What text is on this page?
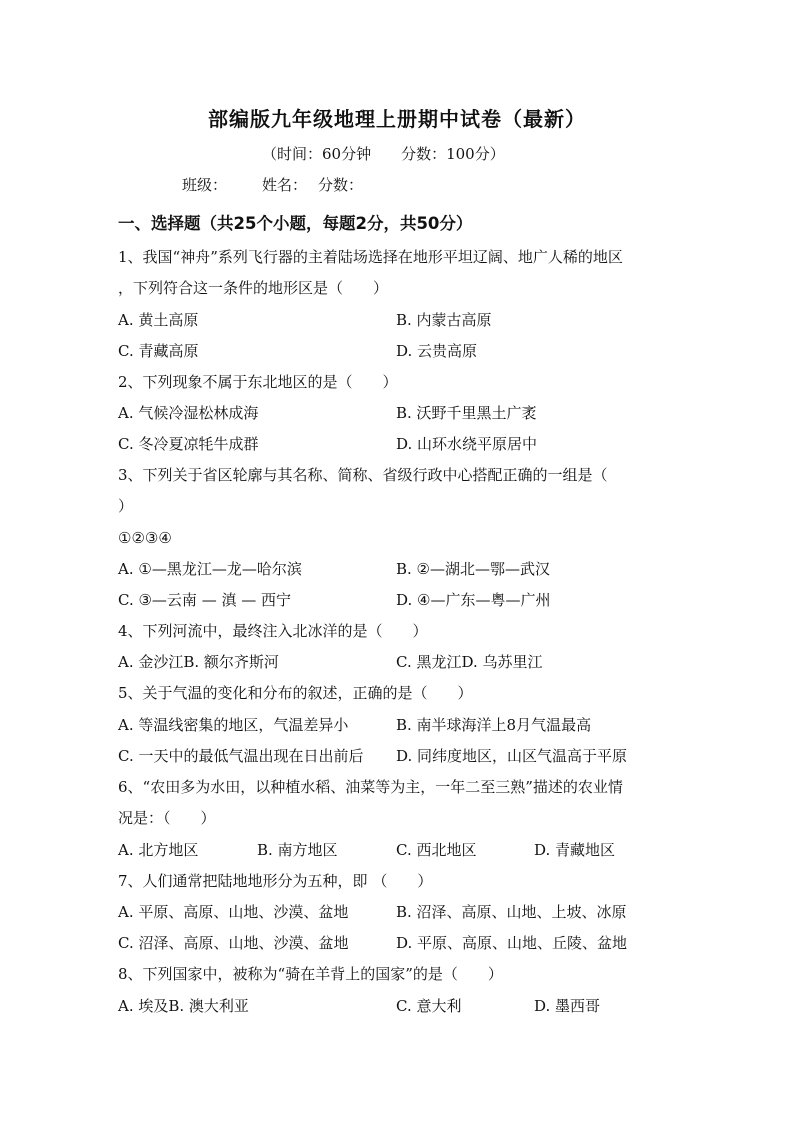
部编版九年级地理上册期中试卷（最新）
（时间：60分钟　　分数：100分）
班级： 姓名： 分数：
一、选择题（共25个小题，每题2分，共50分）
1、我国“神舟”系列飞行器的主着陆场选择在地形平坦辽阔、地广人稀的地区
，下列符合这一条件的地形区是（　　）
A. 黄土高原	B. 内蒙古高原
C. 青藏高原	D. 云贵高原
2、下列现象不属于东北地区的是（　　）
A. 气候冷湿松林成海	B. 沃野千里黑土广袤
C. 冬冷夏凉牦牛成群	D. 山环水绕平原居中
3、下列关于省区轮廓与其名称、简称、省级行政中心搭配正确的一组是（
）
①②③④
A. ①—黑龙江—龙—哈尔滨	B. ②—湖北—鄂—武汉
C. ③—云南 — 滇 — 西宁	D. ④—广东—粤—广州
4、下列河流中，最终注入北冰洋的是（　　）
A. 金沙江B. 额尔齐斯河	C. 黑龙江D. 乌苏里江
5、关于气温的变化和分布的叙述，正确的是（　　）
A. 等温线密集的地区，气温差异小	B. 南半球海洋上8月气温最高
C. 一天中的最低气温出现在日出前后 D. 同纬度地区，山区气温高于平原
6、“农田多为水田，以种植水稻、油菜等为主，一年二至三熟”描述的农业情
况是：（　　）
A. 北方地区	B. 南方地区	C. 西北地区	D. 青藏地区
7、人们通常把陆地地形分为五种，即 （　　）
A. 平原、高原、山地、沙漠、盆地	B. 沼泽、高原、山地、上坡、冰原
C. 沼泽、高原、山地、沙漠、盆地	D. 平原、高原、山地、丘陵、盆地
8、下列国家中，被称为“骑在羊背上的国家”的是（　　）
A. 埃及B. 澳大利亚	C. 意大利	D. 墨西哥
